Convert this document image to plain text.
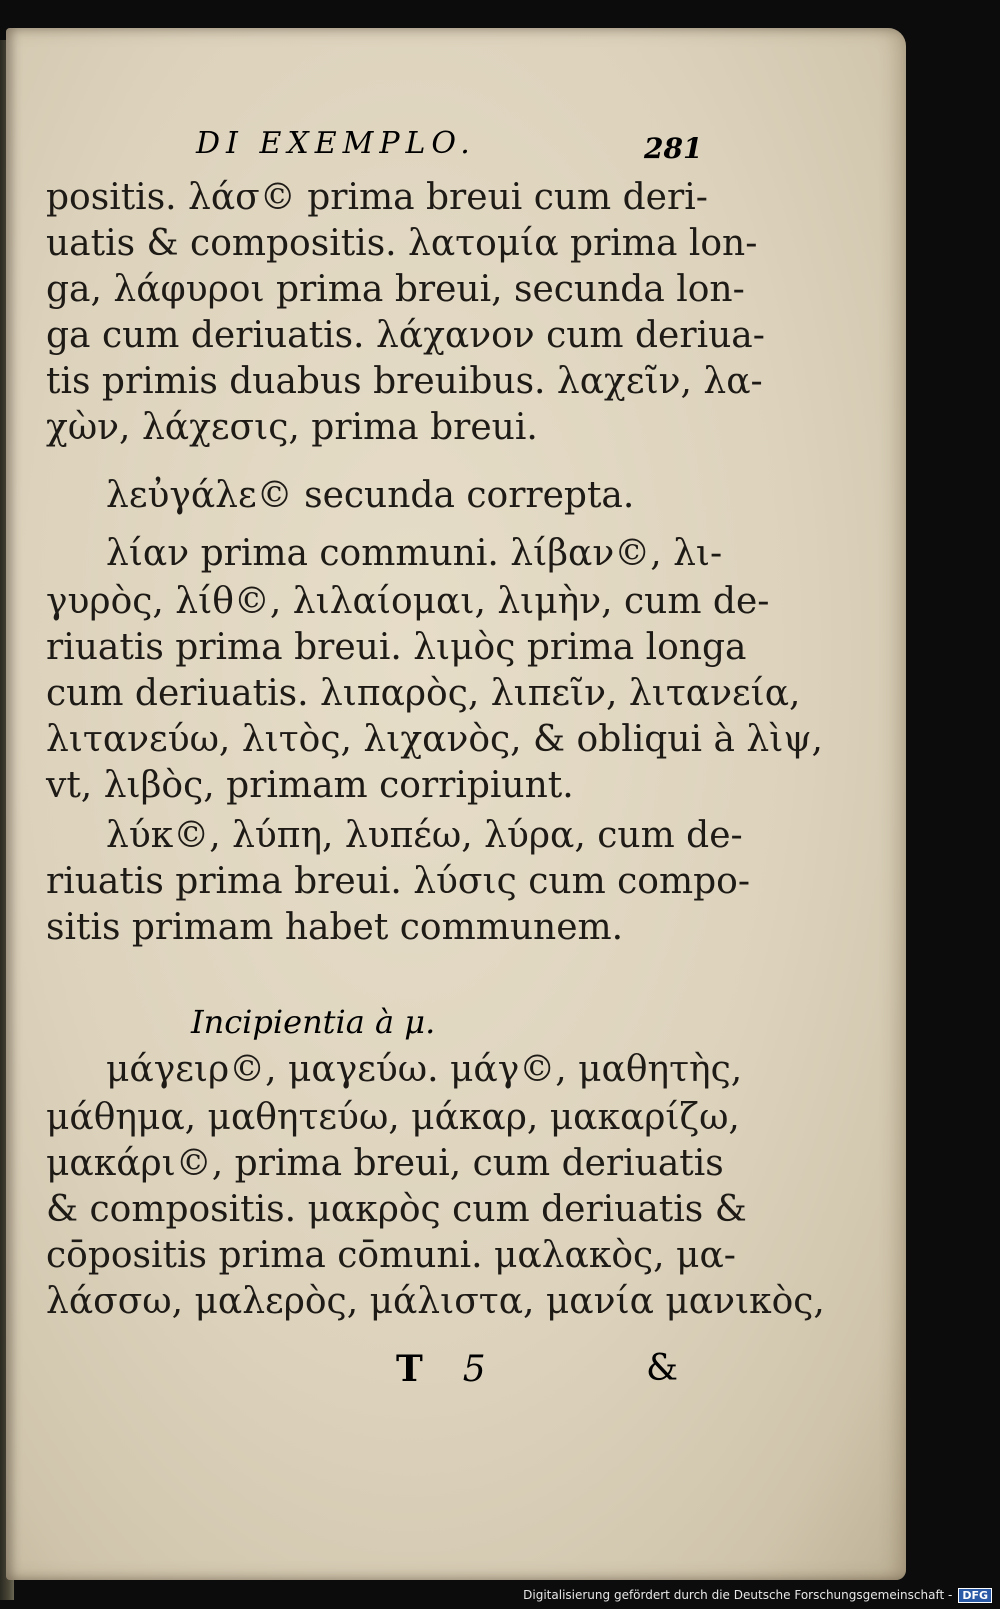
DI EXEMPLO.	281
positis. λάσ© prima breui cum deri-
uatis & compositis. λατομία prima lon-
ga, λάφυροι prima breui, secunda lon-
ga cum deriuatis. λάχανον cum deriua-
tis primis duabus breuibus. λαχεῖν, λα-
χὼν, λάχεσις, prima breui.
λεὐγάλε© secunda correpta.
λίαν prima communi. λίβαν©, λι-
γυρὸς, λίθ©, λιλαίομαι, λιμὴν, cum de-
riuatis prima breui. λιμὸς prima longa
cum deriuatis. λιπαρὸς, λιπεῖν, λιτανεία,
λιτανεύω, λιτὸς, λιχανὸς, & obliqui à λὶψ,
vt, λιβὸς, primam corripiunt.
λύκ©, λύπη, λυπέω, λύρα, cum de-
riuatis prima breui. λύσις cum compo-
sitis primam habet communem.
μάγειρ©, μαγεύω. μάγ©, μαθητὴς,
μάθημα, μαθητεύω, μάκαρ, μακαρίζω,
μακάρι©, prima breui, cum deriuatis
& compositis. μακρὸς cum deriuatis &
cōpositis prima cōmuni. μαλακὸς, μα-
λάσσω, μαλερὸς, μάλιστα, μανία μανικὸς,
Incipientia à μ.
T 5	&
Digitalisierung gefördert durch die Deutsche Forschungsgemeinschaft - DFG
